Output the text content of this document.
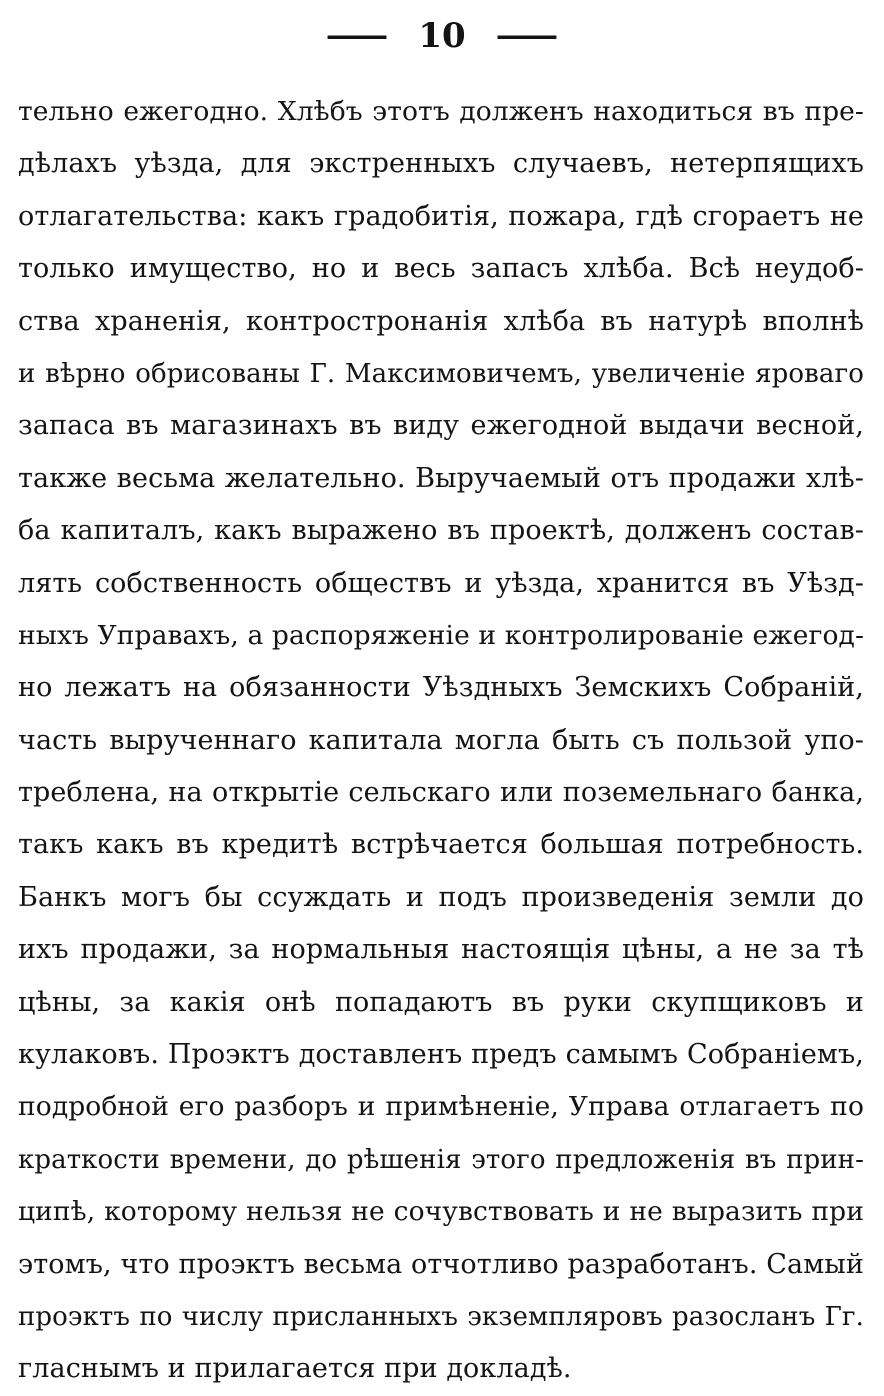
— 10 —
тельно ежегодно. Хлѣбъ этотъ долженъ находиться въ пре-
дѣлахъ уѣзда, для экстренныхъ случаевъ, нетерпящихъ
отлагательства: какъ градобитія, пожара, гдѣ сгораетъ не
только имущество, но и весь запасъ хлѣба. Всѣ неудоб-
ства храненія, контростронанія хлѣба въ натурѣ вполнѣ
и вѣрно обрисованы Г. Максимовичемъ, увеличеніе яроваго
запаса въ магазинахъ въ виду ежегодной выдачи весной,
также весьма желательно. Выручаемый отъ продажи хлѣ-
ба капиталъ, какъ выражено въ проектѣ, долженъ состав-
лять собственность обществъ и уѣзда, хранится въ Уѣзд-
ныхъ Управахъ, а распоряженіе и контролированіе ежегод-
но лежатъ на обязанности Уѣздныхъ Земскихъ Собраній,
часть вырученнаго капитала могла быть съ пользой упо-
треблена, на открытіе сельскаго или поземельнаго банка,
такъ какъ въ кредитѣ встрѣчается большая потребность.
Банкъ могъ бы ссуждать и подъ произведенія земли до
ихъ продажи, за нормальныя настоящія цѣны, а не за тѣ
цѣны, за какія онѣ попадаютъ въ руки скупщиковъ и
кулаковъ. Проэктъ доставленъ предъ самымъ Собраніемъ,
подробной его разборъ и примѣненіе, Управа отлагаетъ по
краткости времени, до рѣшенія этого предложенія въ прин-
ципѣ, которому нельзя не сочувствовать и не выразить при
этомъ, что проэктъ весьма отчотливо разработанъ. Самый
проэктъ по числу присланныхъ экземпляровъ разосланъ Гг.
гласнымъ и прилагается при докладѣ.
